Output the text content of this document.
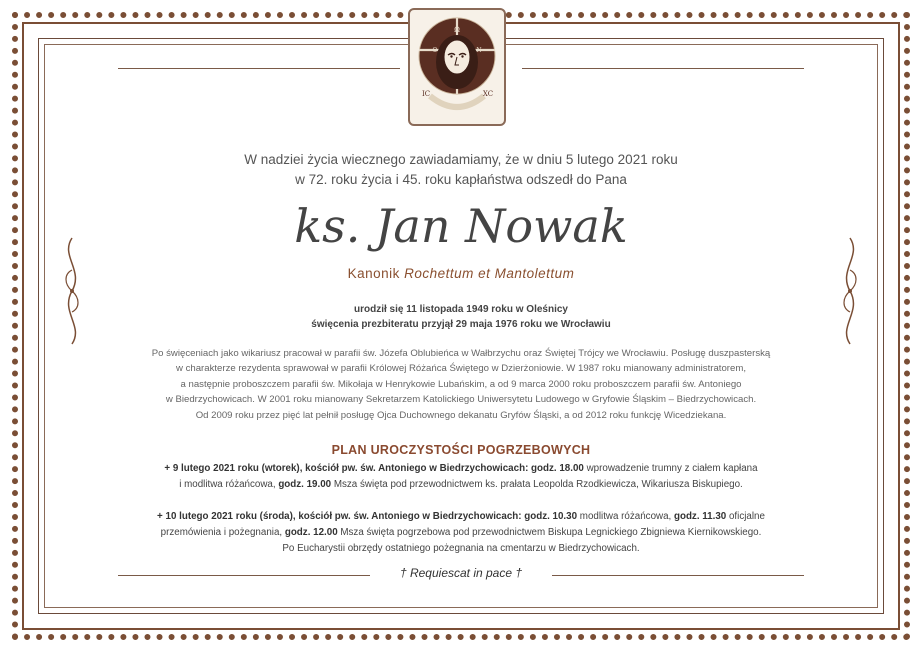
Ω
O	N
IC	XC
W nadziei życia wiecznego zawiadamiamy, że w dniu 5 lutego 2021 roku
w 72. roku życia i 45. roku kapłaństwa odszedł do Pana
ks. Jan Nowak
Kanonik Rochettum et Mantolettum
urodził się 11 listopada 1949 roku w Oleśnicy
święcenia prezbiteratu przyjął 29 maja 1976 roku we Wrocławiu
Po święceniach jako wikariusz pracował w parafii św. Józefa Oblubieńca w Wałbrzychu oraz Świętej Trójcy we Wrocławiu. Posługę duszpasterską
w charakterze rezydenta sprawował w parafii Królowej Różańca Świętego w Dzierżoniowie. W 1987 roku mianowany administratorem,
a następnie proboszczem parafii św. Mikołaja w Henrykowie Lubańskim, a od 9 marca 2000 roku proboszczem parafii św. Antoniego
w Biedrzychowicach. W 2001 roku mianowany Sekretarzem Katolickiego Uniwersytetu Ludowego w Gryfowie Śląskim – Biedrzychowicach.
Od 2009 roku przez pięć lat pełnił posługę Ojca Duchownego dekanatu Gryfów Śląski, a od 2012 roku funkcję Wicedziekana.
PLAN UROCZYSTOŚCI POGRZEBOWYCH
+ 9 lutego 2021 roku (wtorek), kościół pw. św. Antoniego w Biedrzychowicach: godz. 18.00 wprowadzenie trumny z ciałem kapłana
i modlitwa różańcowa, godz. 19.00 Msza święta pod przewodnictwem ks. prałata Leopolda Rzodkiewicza, Wikariusza Biskupiego.
+ 10 lutego 2021 roku (środa), kościół pw. św. Antoniego w Biedrzychowicach: godz. 10.30 modlitwa różańcowa, godz. 11.30 oficjalne
przemówienia i pożegnania, godz. 12.00 Msza święta pogrzebowa pod przewodnictwem Biskupa Legnickiego Zbigniewa Kiernikowskiego.
Po Eucharystii obrzędy ostatniego pożegnania na cmentarzu w Biedrzychowicach.
† Requiescat in pace †
